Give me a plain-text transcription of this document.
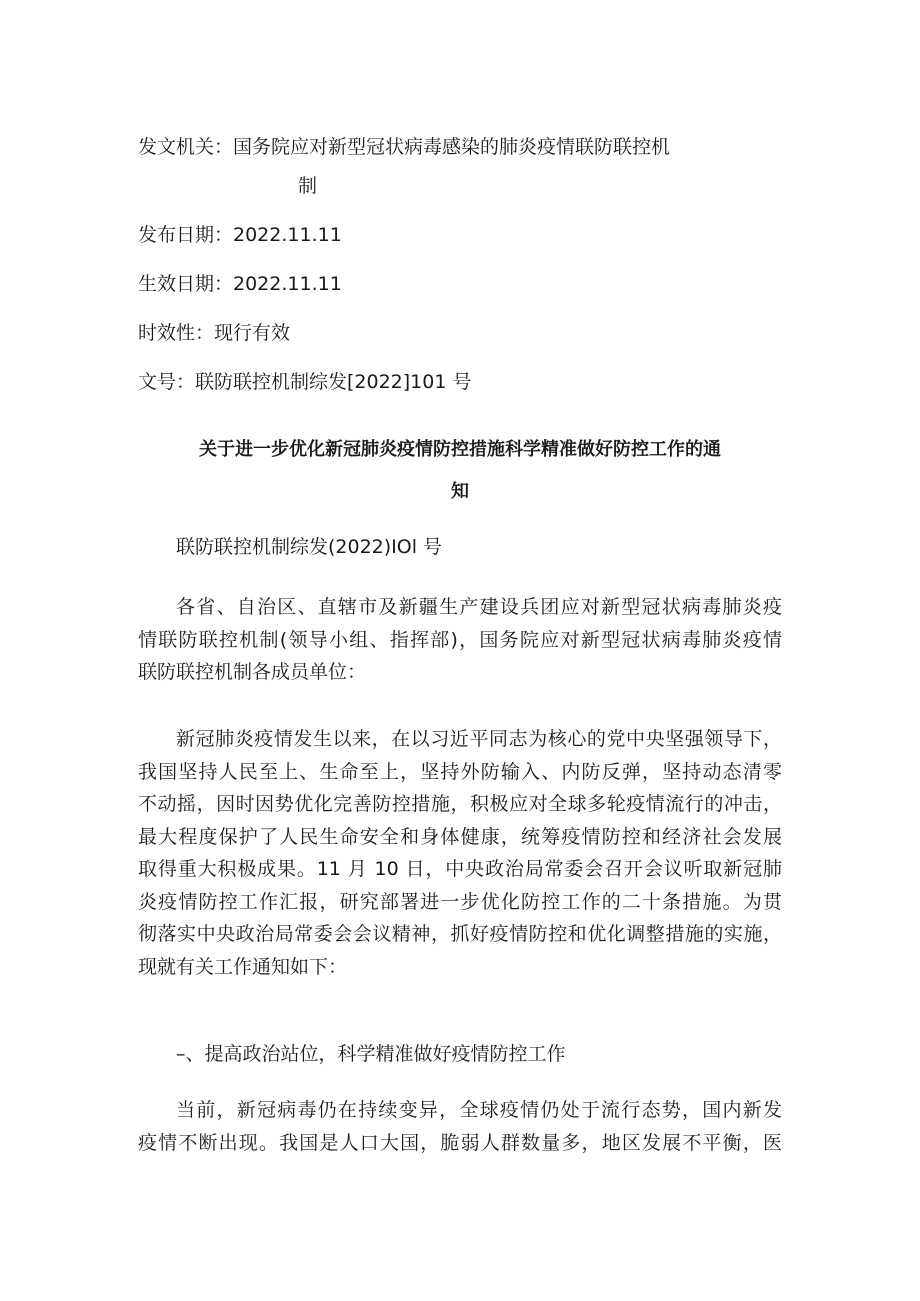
发文机关：国务院应对新型冠状病毒感染的肺炎疫情联防联控机
制
发布日期：2022.11.11
生效日期：2022.11.11
时效性：现行有效
文号：联防联控机制综发[2022]101 号
关于进一步优化新冠肺炎疫情防控措施科学精准做好防控工作的通
知
联防联控机制综发(2022)IOl 号
各省、自治区、直辖市及新疆生产建设兵团应对新型冠状病毒肺炎疫
情联防联控机制(领导小组、指挥部)，国务院应对新型冠状病毒肺炎疫情
联防联控机制各成员单位：
新冠肺炎疫情发生以来，在以习近平同志为核心的党中央坚强领导下，
我国坚持人民至上、生命至上，坚持外防输入、内防反弹，坚持动态清零
不动摇，因时因势优化完善防控措施，积极应对全球多轮疫情流行的冲击，
最大程度保护了人民生命安全和身体健康，统筹疫情防控和经济社会发展
取得重大积极成果。11 月 10 日，中央政治局常委会召开会议听取新冠肺
炎疫情防控工作汇报，研究部署进一步优化防控工作的二十条措施。为贯
彻落实中央政治局常委会会议精神，抓好疫情防控和优化调整措施的实施，
现就有关工作通知如下：
–、提高政治站位，科学精准做好疫情防控工作
当前，新冠病毒仍在持续变异，全球疫情仍处于流行态势，国内新发
疫情不断出现。我国是人口大国，脆弱人群数量多，地区发展不平衡，医
